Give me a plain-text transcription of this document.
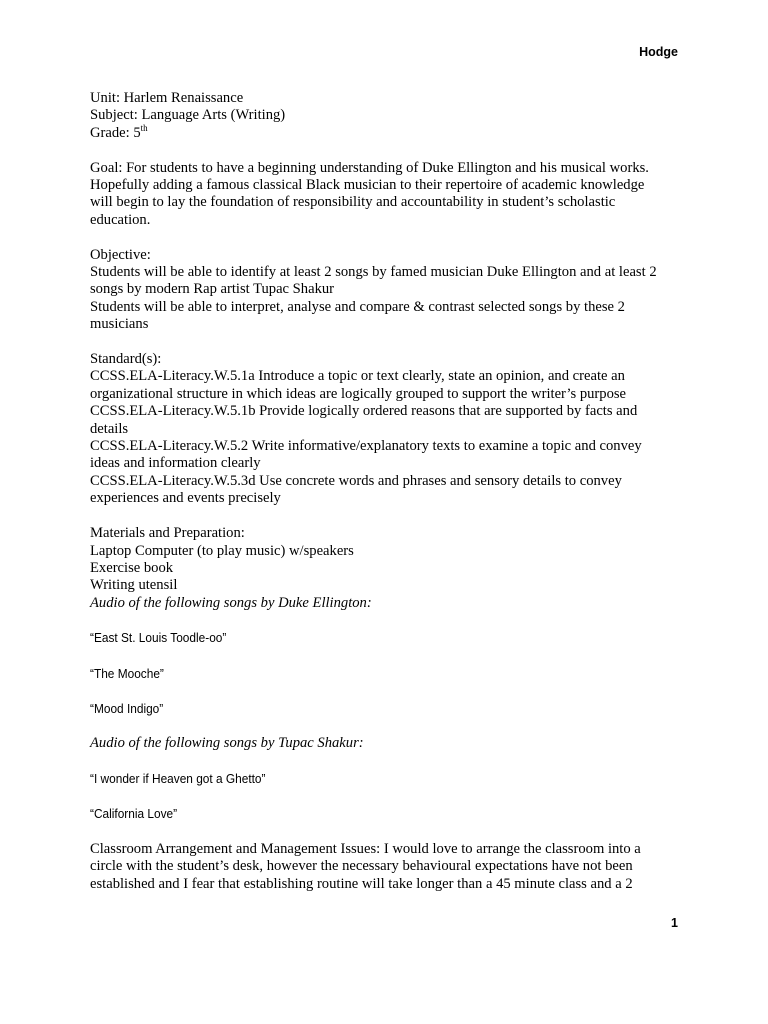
Hodge
Unit: Harlem Renaissance
Subject: Language Arts (Writing)
Grade: 5th
Goal: For students to have a beginning understanding of Duke Ellington and his musical works.
Hopefully adding a famous classical Black musician to their repertoire of academic knowledge
will begin to lay the foundation of responsibility and accountability in student’s scholastic
education.
Objective:
Students will be able to identify at least 2 songs by famed musician Duke Ellington and at least 2
songs by modern Rap artist Tupac Shakur
Students will be able to interpret, analyse and compare & contrast selected songs by these 2
musicians
Standard(s):
CCSS.ELA-Literacy.W.5.1a Introduce a topic or text clearly, state an opinion, and create an
organizational structure in which ideas are logically grouped to support the writer’s purpose
CCSS.ELA-Literacy.W.5.1b Provide logically ordered reasons that are supported by facts and
details
CCSS.ELA-Literacy.W.5.2 Write informative/explanatory texts to examine a topic and convey
ideas and information clearly
CCSS.ELA-Literacy.W.5.3d Use concrete words and phrases and sensory details to convey
experiences and events precisely
Materials and Preparation:
Laptop Computer (to play music) w/speakers
Exercise book
Writing utensil
Audio of the following songs by Duke Ellington:
“East St. Louis Toodle-oo”
“The Mooche”
“Mood Indigo”
Audio of the following songs by Tupac Shakur:
“I wonder if Heaven got a Ghetto”
“California Love”
Classroom Arrangement and Management Issues: I would love to arrange the classroom into a
circle with the student’s desk, however the necessary behavioural expectations have not been
established and I fear that establishing routine will take longer than a 45 minute class and a 2
1
